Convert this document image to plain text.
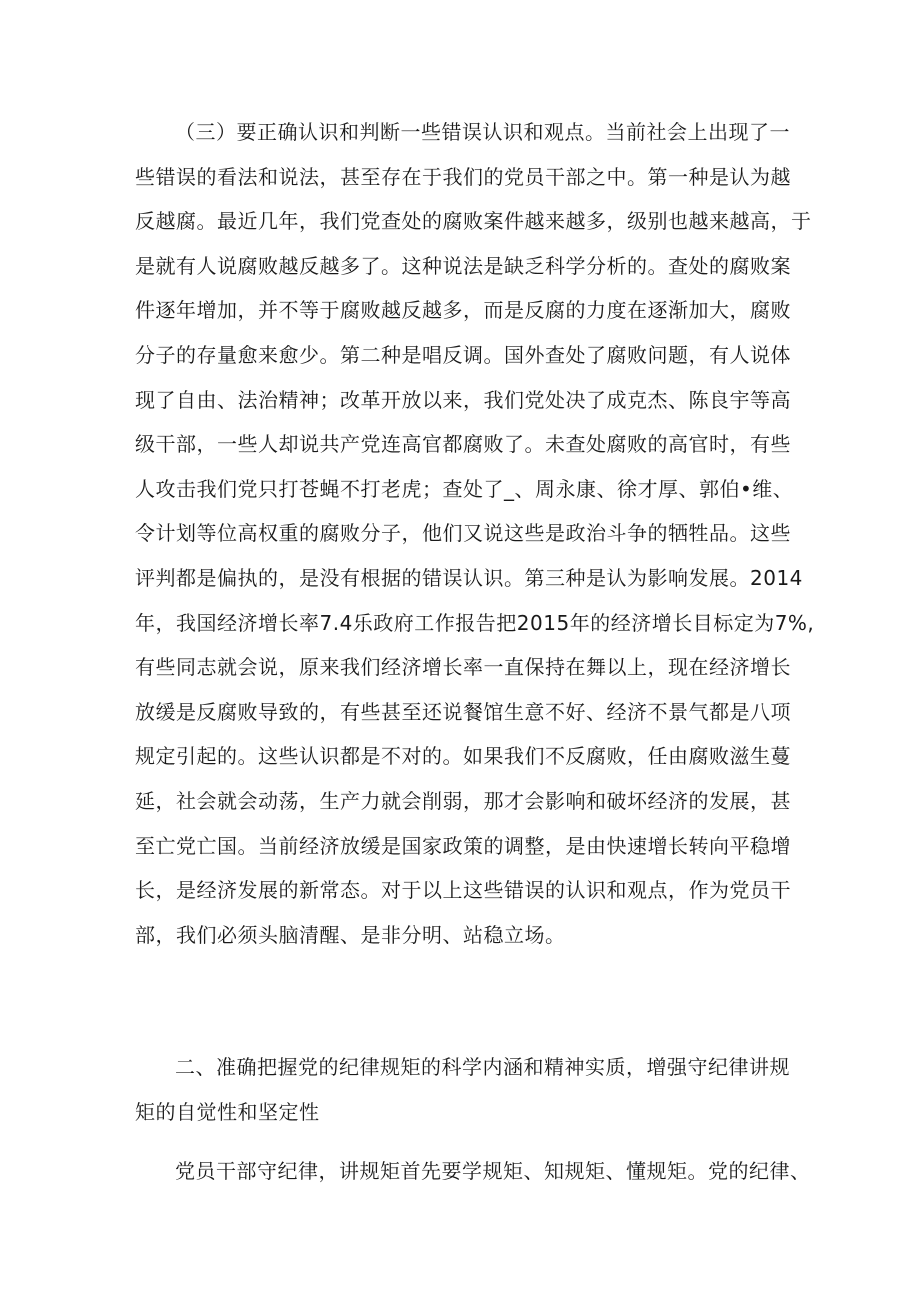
（三）要正确认识和判断一些错误认识和观点。当前社会上出现了一
些错误的看法和说法，甚至存在于我们的党员干部之中。第一种是认为越
反越腐。最近几年，我们党查处的腐败案件越来越多，级别也越来越高，于
是就有人说腐败越反越多了。这种说法是缺乏科学分析的。查处的腐败案
件逐年增加，并不等于腐败越反越多，而是反腐的力度在逐渐加大，腐败
分子的存量愈来愈少。第二种是唱反调。国外查处了腐败问题，有人说体
现了自由、法治精神；改革开放以来，我们党处决了成克杰、陈良宇等高
级干部，一些人却说共产党连高官都腐败了。未查处腐败的高官时，有些
人攻击我们党只打苍蝇不打老虎；查处了_、周永康、徐才厚、郭伯•维、
令计划等位高权重的腐败分子，他们又说这些是政治斗争的牺牲品。这些
评判都是偏执的，是没有根据的错误认识。第三种是认为影响发展。2014
年，我国经济增长率7.4乐政府工作报告把2015年的经济增长目标定为7%,
有些同志就会说，原来我们经济增长率一直保持在舞以上，现在经济增长
放缓是反腐败导致的，有些甚至还说餐馆生意不好、经济不景气都是八项
规定引起的。这些认识都是不对的。如果我们不反腐败，任由腐败滋生蔓
延，社会就会动荡，生产力就会削弱，那才会影响和破坏经济的发展，甚
至亡党亡国。当前经济放缓是国家政策的调整，是由快速增长转向平稳增
长，是经济发展的新常态。对于以上这些错误的认识和观点，作为党员干
部，我们必须头脑清醒、是非分明、站稳立场。
二、准确把握党的纪律规矩的科学内涵和精神实质，增强守纪律讲规
矩的自觉性和坚定性
党员干部守纪律，讲规矩首先要学规矩、知规矩、懂规矩。党的纪律、
